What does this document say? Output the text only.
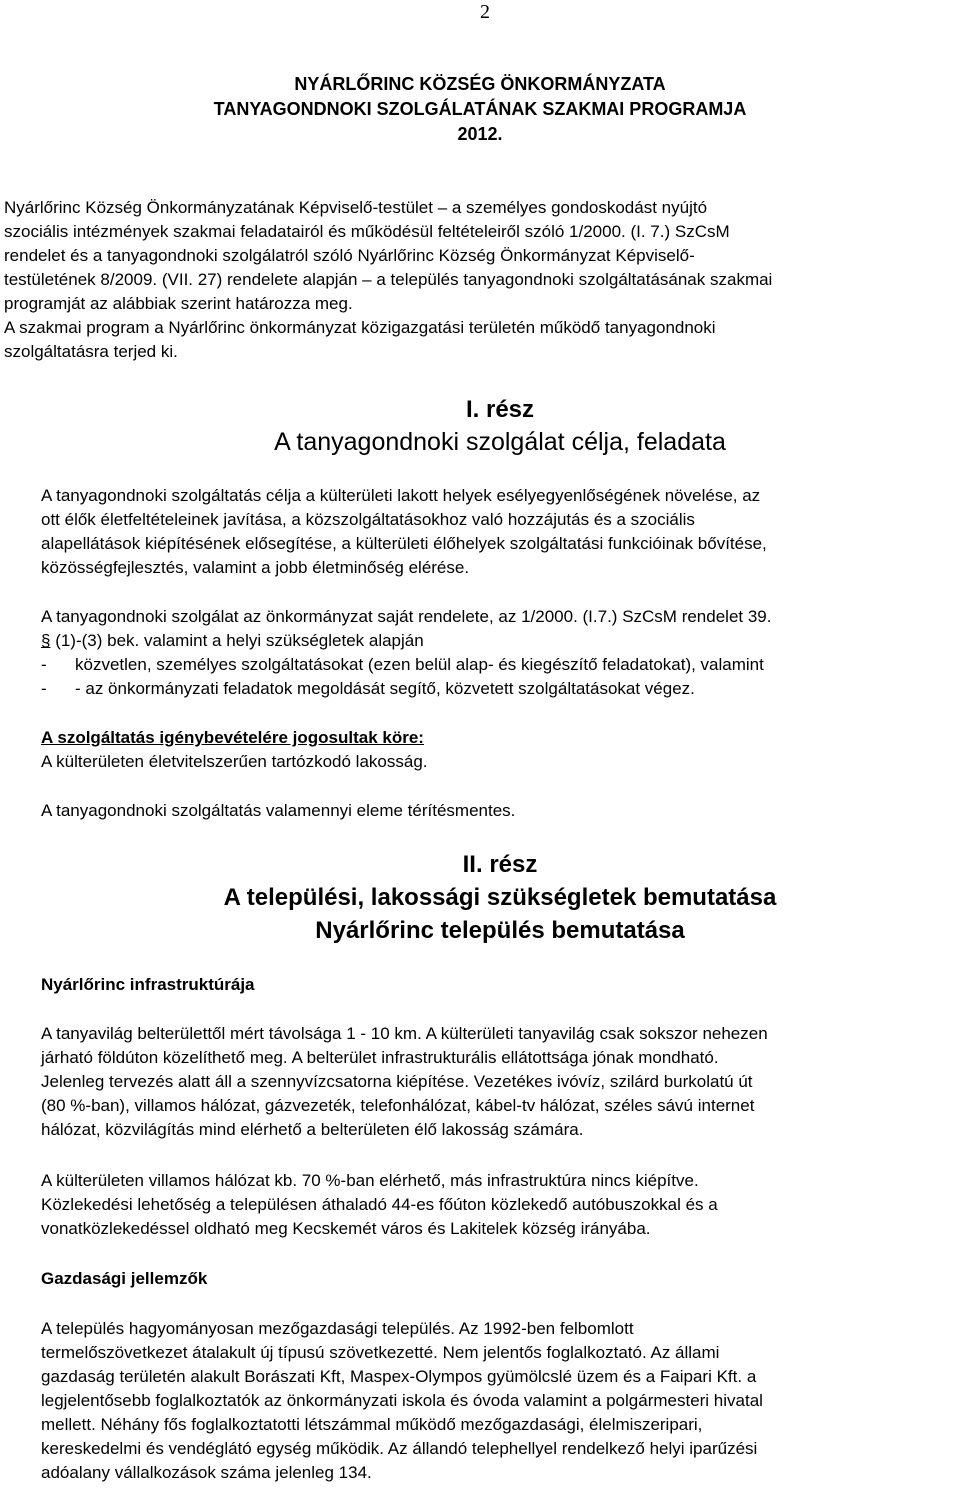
2
NYÁRLŐRINC KÖZSÉG ÖNKORMÁNYZATA
TANYAGONDNOKI SZOLGÁLATÁNAK SZAKMAI PROGRAMJA
2012.

Nyárlőrinc Község Önkormányzatának Képviselő-testület – a személyes gondoskodást nyújtó

szociális intézmények szakmai feladatairól és működésül feltételeiről szóló 1/2000. (I. 7.) SzCsM

rendelet és a tanyagondnoki szolgálatról szóló Nyárlőrinc Község Önkormányzat Képviselő-

testületének 8/2009. (VII. 27) rendelete alapján – a település tanyagondnoki szolgáltatásának szakmai

programját az alábbiak szerint határozza meg.

A szakmai program a Nyárlőrinc önkormányzat közigazgatási területén működő tanyagondnoki

szolgáltatásra terjed ki.

I. rész
A tanyagondnoki szolgálat célja, feladata

A tanyagondnoki szolgáltatás célja a külterületi lakott helyek esélyegyenlőségének növelése, az

ott élők életfeltételeinek javítása, a közszolgáltatásokhoz való hozzájutás és a szociális

alapellátások kiépítésének elősegítése, a külterületi élőhelyek szolgáltatási funkcióinak bővítése,

közösségfejlesztés, valamint a jobb életminőség elérése.

A tanyagondnoki szolgálat az önkormányzat saját rendelete, az 1/2000. (I.7.) SzCsM rendelet 39.

§ (1)-(3) bek. valamint a helyi szükségletek alapján

- közvetlen, személyes szolgáltatásokat (ezen belül alap- és kiegészítő feladatokat), valamint
- - az önkormányzati feladatok megoldását segítő, közvetett szolgáltatásokat végez.

A szolgáltatás igénybevételére jogosultak köre:

A külterületen életvitelszerűen tartózkodó lakosság.

A tanyagondnoki szolgáltatás valamennyi eleme térítésmentes.

II. rész
A települési, lakossági szükségletek bemutatása
Nyárlőrinc település bemutatása

Nyárlőrinc infrastruktúrája

A tanyavilág belterülettől mért távolsága 1 - 10 km. A külterületi tanyavilág csak sokszor nehezen

járható földúton közelíthető meg. A belterület infrastrukturális ellátottsága jónak mondható.

Jelenleg tervezés alatt áll a szennyvízcsatorna kiépítése. Vezetékes ivóvíz, szilárd burkolatú út

(80 %-ban), villamos hálózat, gázvezeték, telefonhálózat, kábel-tv hálózat, széles sávú internet

hálózat, közvilágítás mind elérhető a belterületen élő lakosság számára.

A külterületen villamos hálózat kb. 70 %-ban elérhető, más infrastruktúra nincs kiépítve.

Közlekedési lehetőség a településen áthaladó 44-es főúton közlekedő autóbuszokkal és a

vonatközlekedéssel oldható meg Kecskemét város és Lakitelek község irányába.

Gazdasági jellemzők

A település hagyományosan mezőgazdasági település. Az 1992-ben felbomlott

termelőszövetkezet átalakult új típusú szövetkezetté. Nem jelentős foglalkoztató. Az állami

gazdaság területén alakult Borászati Kft, Maspex-Olympos gyümölcslé üzem és a Faipari Kft. a

legjelentősebb foglalkoztatók az önkormányzati iskola és óvoda valamint a polgármesteri hivatal

mellett. Néhány fős foglalkoztatotti létszámmal működő mezőgazdasági, élelmiszeripari,

kereskedelmi és vendéglátó egység működik. Az állandó telephellyel rendelkező helyi iparűzési

adóalany vállalkozások száma jelenleg 134.
